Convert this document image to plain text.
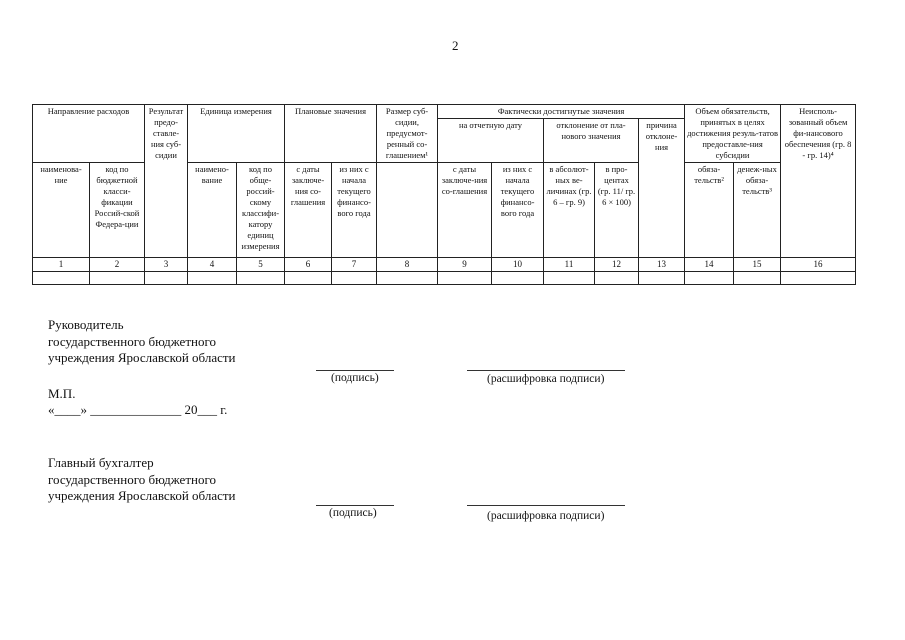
2
Направление расходов		Результат предо-ставле-ния суб-сидии	Единица измерения		Плановые значения		Размер суб-сидии, предусмот-ренный со-глашением¹	Фактически достигнутые значения					Объем обязательств, принятых в целях достижения резуль-татов предоставле-ния субсидии		Неисполь-зованный объем фи-нансового обеспечения (гр. 8 - гр. 14)⁴
								на отчетную дату		отклонение от пла-нового значения		причина отклоне-ния			

наименова-ние	код по бюджетной класси-фикации Россий-ской Федера-ции		наимено-вание	код по обще-россий-скому классифи-катору единиц измерения	с даты заключе-ния со-глашения	из них с начала текущего финансо-вого года		с даты заключе-ния со-глашения	из них с начала текущего финансо-вого года	в абсолют-ных ве-личинах (гр. 6 – гр. 9)	в про-центах (гр. 11/ гр. 6 × 100)		обяза-тельств²	денеж-ных обяза-тельств³	
1	2	3	4	5	6	7	8	9	10	11	12	13	14	15	16

Руководитель
государственного бюджетного
учреждения Ярославской области
(подпись)	(расшифровка подписи)
М.П.
«____» ______________ 20___ г.
Главный бухгалтер
государственного бюджетного
учреждения Ярославской области
(подпись)	(расшифровка подписи)
